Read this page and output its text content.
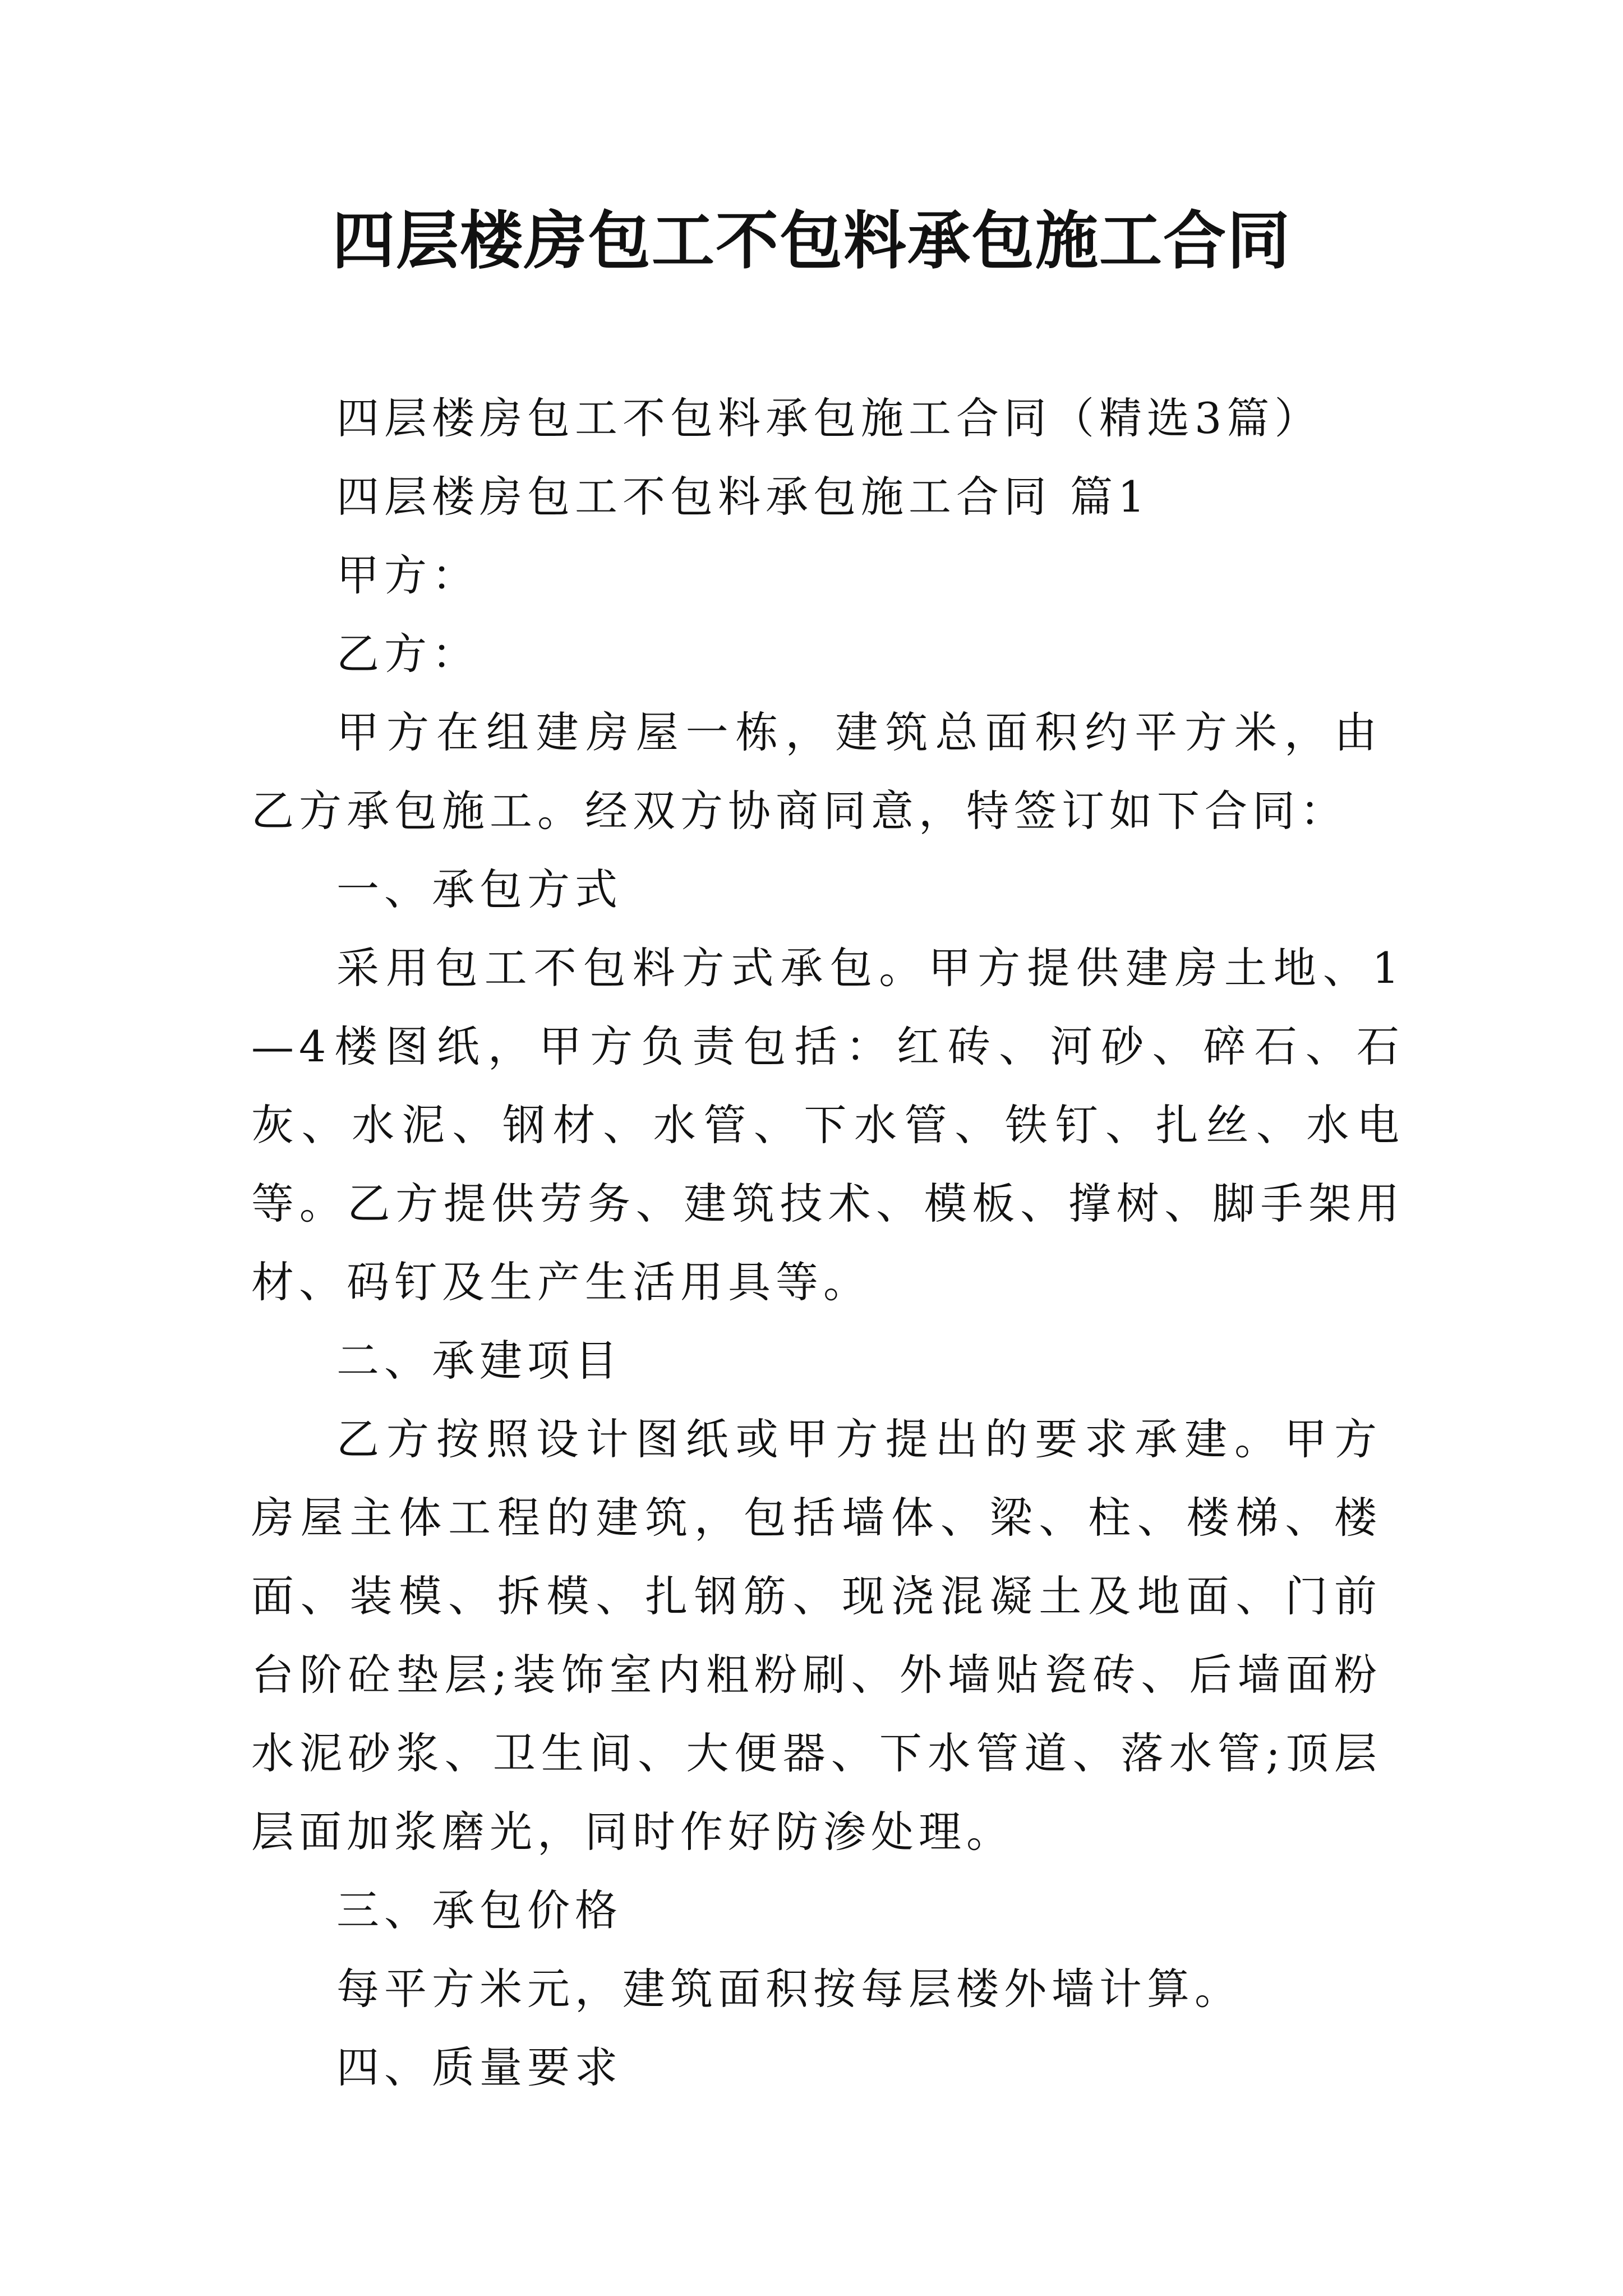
四层楼房包工不包料承包施工合同

四层楼房包工不包料承包施工合同（精选3篇）

四层楼房包工不包料承包施工合同 篇1

甲方：

乙方：

甲方在组建房屋一栋，建筑总面积约平方米，由乙方承包施工。经双方协商同意，特签订如下合同：

一、承包方式

采用包工不包料方式承包。甲方提供建房土地、1—4楼图纸，甲方负责包括：红砖、河砂、碎石、石灰、水泥、钢材、水管、下水管、铁钉、扎丝、水电等。乙方提供劳务、建筑技术、模板、撑树、脚手架用材、码钉及生产生活用具等。

二、承建项目

乙方按照设计图纸或甲方提出的要求承建。甲方房屋主体工程的建筑，包括墙体、梁、柱、楼梯、楼面、装模、拆模、扎钢筋、现浇混凝土及地面、门前台阶砼垫层;装饰室内粗粉刷、外墙贴瓷砖、后墙面粉水泥砂浆、卫生间、大便器、下水管道、落水管;顶层层面加浆磨光，同时作好防渗处理。

三、承包价格

每平方米元，建筑面积按每层楼外墙计算。

四、质量要求
